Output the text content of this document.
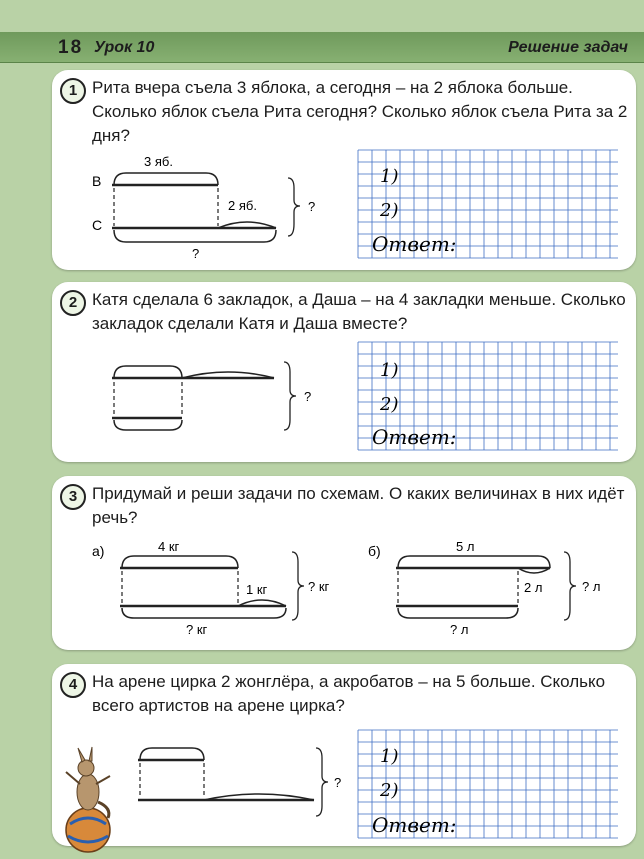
18 Урок 10	Решение задач
1 Рита вчера съела 3 яблока, а сегодня – на 2 яблока больше. Сколько яблок съела Рита сегодня? Сколько яблок съела Рита за 2 дня?
В
С
3 яб.
2 яб.
?
?
1)
2)
Ответ:
2 Катя сделала 6 закладок, а Даша – на 4 закладки меньше. Сколько закладок сделали Катя и Даша вместе?
?
1)
2)
Ответ:
3 Придумай и реши задачи по схемам. О каких величинах в них идёт речь?
а)	4 кг
1 кг
? кг
? кг
б)	5 л
2 л
? л
? л
4 На арене цирка 2 жонглёра, а акробатов – на 5 больше. Сколько всего артистов на арене цирка?
?
1)
2)
Ответ:
